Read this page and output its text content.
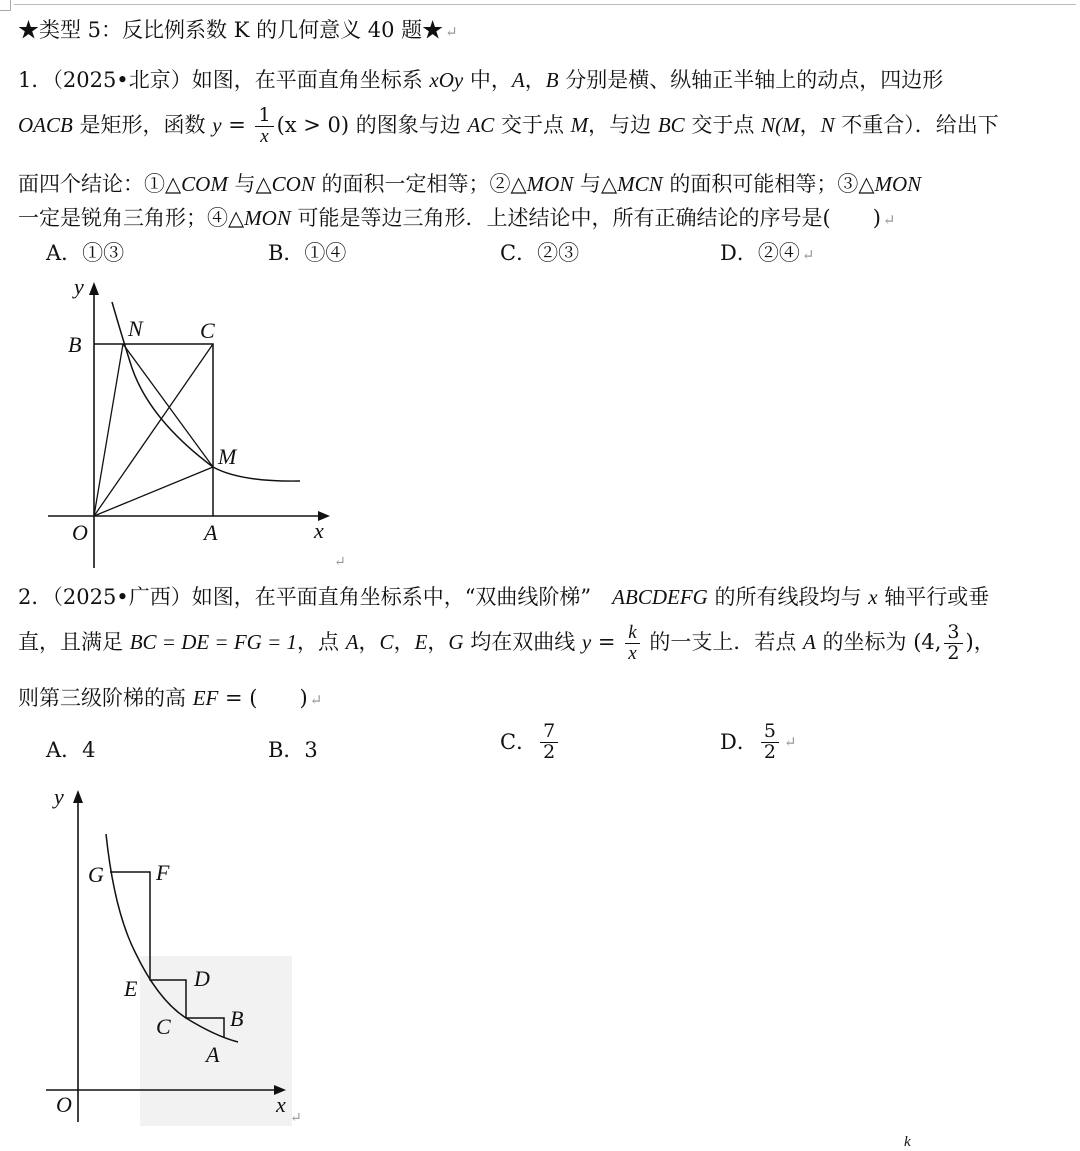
★类型 5：反比例系数 K 的几何意义 40 题★ ↵
1．（2025•北京）如图，在平面直角坐标系 xOy 中，A，B 分别是横、纵轴正半轴上的动点，四边形
OACB 是矩形，函数 $y = \frac{1}{x} (x > 0)$ 的图象与边 AC 交于点 M，与边 BC 交于点 N(M，N 不重合）．给出下
面四个结论：①△COM 与△CON 的面积一定相等；②△MON 与△MCN 的面积可能相等；③△MON
一定是锐角三角形；④△MON 可能是等边三角形．上述结论中，所有正确结论的序号是(　　) ↵
A．①③	B．①④	C．②③	D．②④ ↵
y
x
O	A
B
C
N
M
↵
2．（2025•广西）如图，在平面直角坐标系中，“双曲线阶梯”　ABCDEFG 的所有线段均与 x 轴平行或垂
直，且满足 BC = DE = FG = 1，点 A，C，E，G 均在双曲线 $y = \frac{k}{x}$ 的一支上．若点 A 的坐标为 (4, $\frac{3}{2}$ )，
则第三级阶梯的高 EF = (　　) ↵
A．4	B．3	C． $\frac{7}{2}$	D． $\frac{5}{2}$ ↵
y
x
O
G F
E	D
C	B
A
↵
k
